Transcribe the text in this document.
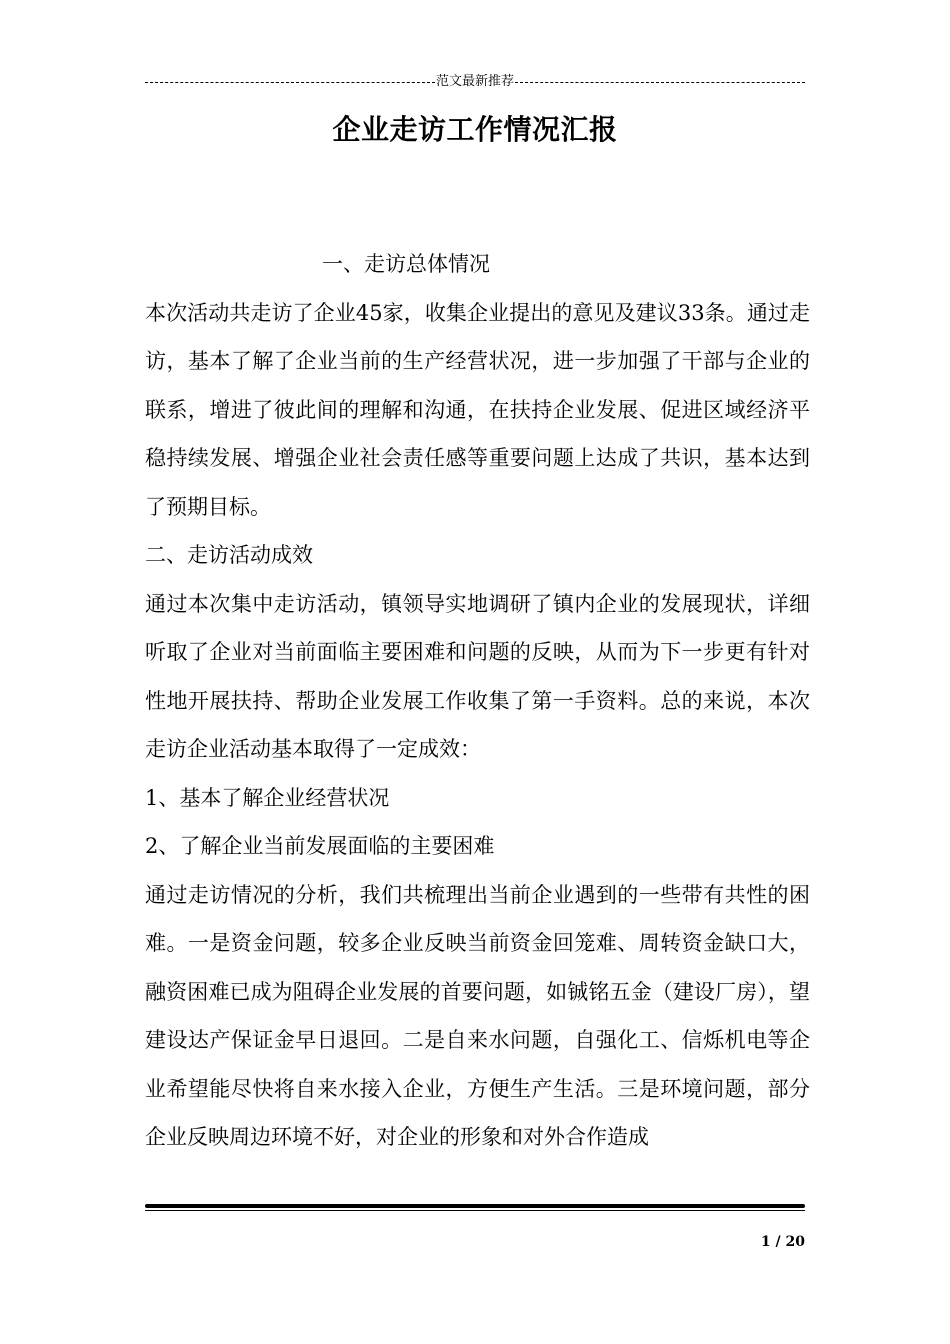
范文最新推荐
企业走访工作情况汇报

一、走访总体情况

本次活动共走访了企业45家，收集企业提出的意见及建议33条。通过走访，基本了解了企业当前的生产经营状况，进一步加强了干部与企业的联系，增进了彼此间的理解和沟通，在扶持企业发展、促进区域经济平稳持续发展、增强企业社会责任感等重要问题上达成了共识，基本达到了预期目标。

二、走访活动成效

通过本次集中走访活动，镇领导实地调研了镇内企业的发展现状，详细听取了企业对当前面临主要困难和问题的反映，从而为下一步更有针对性地开展扶持、帮助企业发展工作收集了第一手资料。总的来说，本次走访企业活动基本取得了一定成效：

1、基本了解企业经营状况

2、了解企业当前发展面临的主要困难

通过走访情况的分析，我们共梳理出当前企业遇到的一些带有共性的困难。一是资金问题，较多企业反映当前资金回笼难、周转资金缺口大，融资困难已成为阻碍企业发展的首要问题，如铖铭五金（建设厂房），望建设达产保证金早日退回。二是自来水问题，自强化工、信烁机电等企业希望能尽快将自来水接入企业，方便生产生活。三是环境问题，部分企业反映周边环境不好，对企业的形象和对外合作造成

1 / 20
